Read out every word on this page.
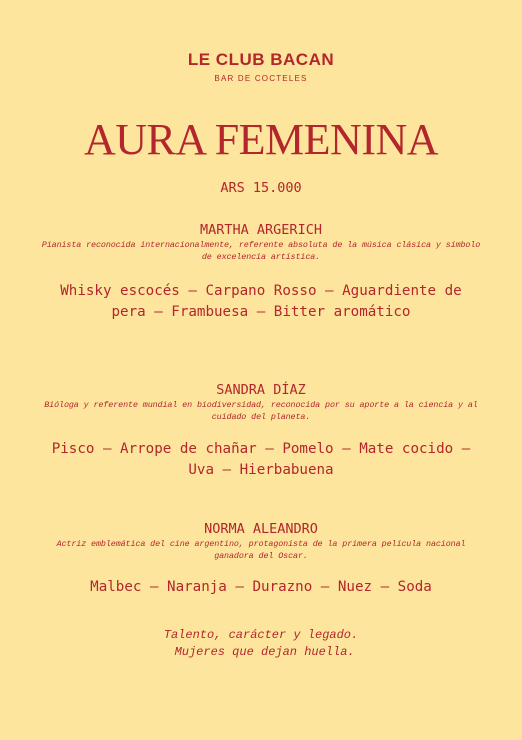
LE CLUB BACAN
BAR DE COCTELES
AURA FEMENINA
ARS 15.000
MARTHA ARGERICH
Pianista reconocida internacionalmente, referente absoluta de la música clásica y símbolo de excelencia artística.
Whisky escocés – Carpano Rosso – Aguardiente de pera – Frambuesa – Bitter aromático
SANDRA DÍAZ
Bióloga y referente mundial en biodiversidad, reconocida por su aporte a la ciencia y al cuidado del planeta.
Pisco – Arrope de chañar – Pomelo – Mate cocido – Uva – Hierbabuena
NORMA ALEANDRO
Actriz emblemática del cine argentino, protagonista de la primera película nacional ganadora del Oscar.
Malbec – Naranja – Durazno – Nuez – Soda
Talento, carácter y legado.
Mujeres que dejan huella.
